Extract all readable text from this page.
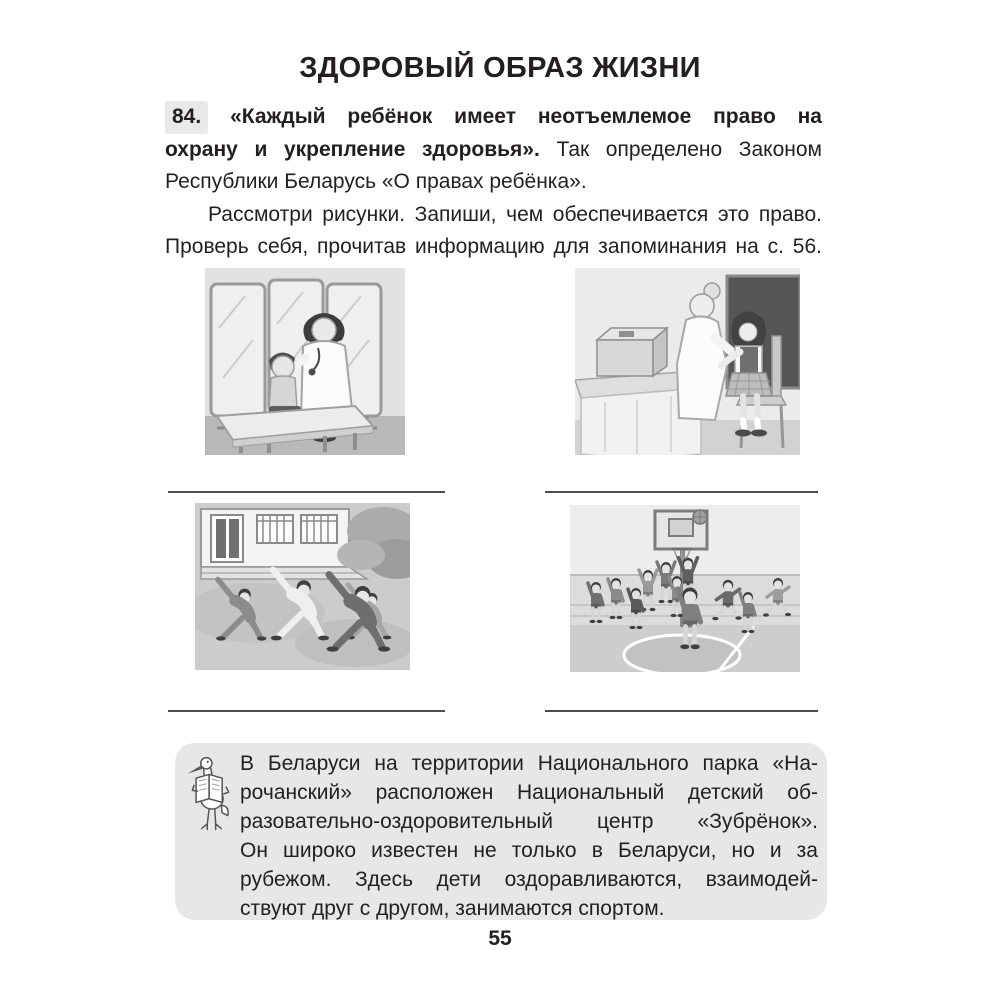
ЗДОРОВЫЙ ОБРАЗ ЖИЗНИ
84. «Каждый ребёнок имеет неотъемлемое право на
охрану и укрепление здоровья». Так определено Законом
Республики Беларусь «О правах ребёнка».
Рассмотри рисунки. Запиши, чем обеспечивается это право.
Проверь себя, прочитав информацию для запоминания на с. 56.
В Беларуси на территории Национального парка «На-
рочанский» расположен Национальный детский об-
разовательно-оздоровительный центр «Зубрёнок».
Он широко известен не только в Беларуси, но и за
рубежом. Здесь дети оздоравливаются, взаимодей-
ствуют друг с другом, занимаются спортом.
55
